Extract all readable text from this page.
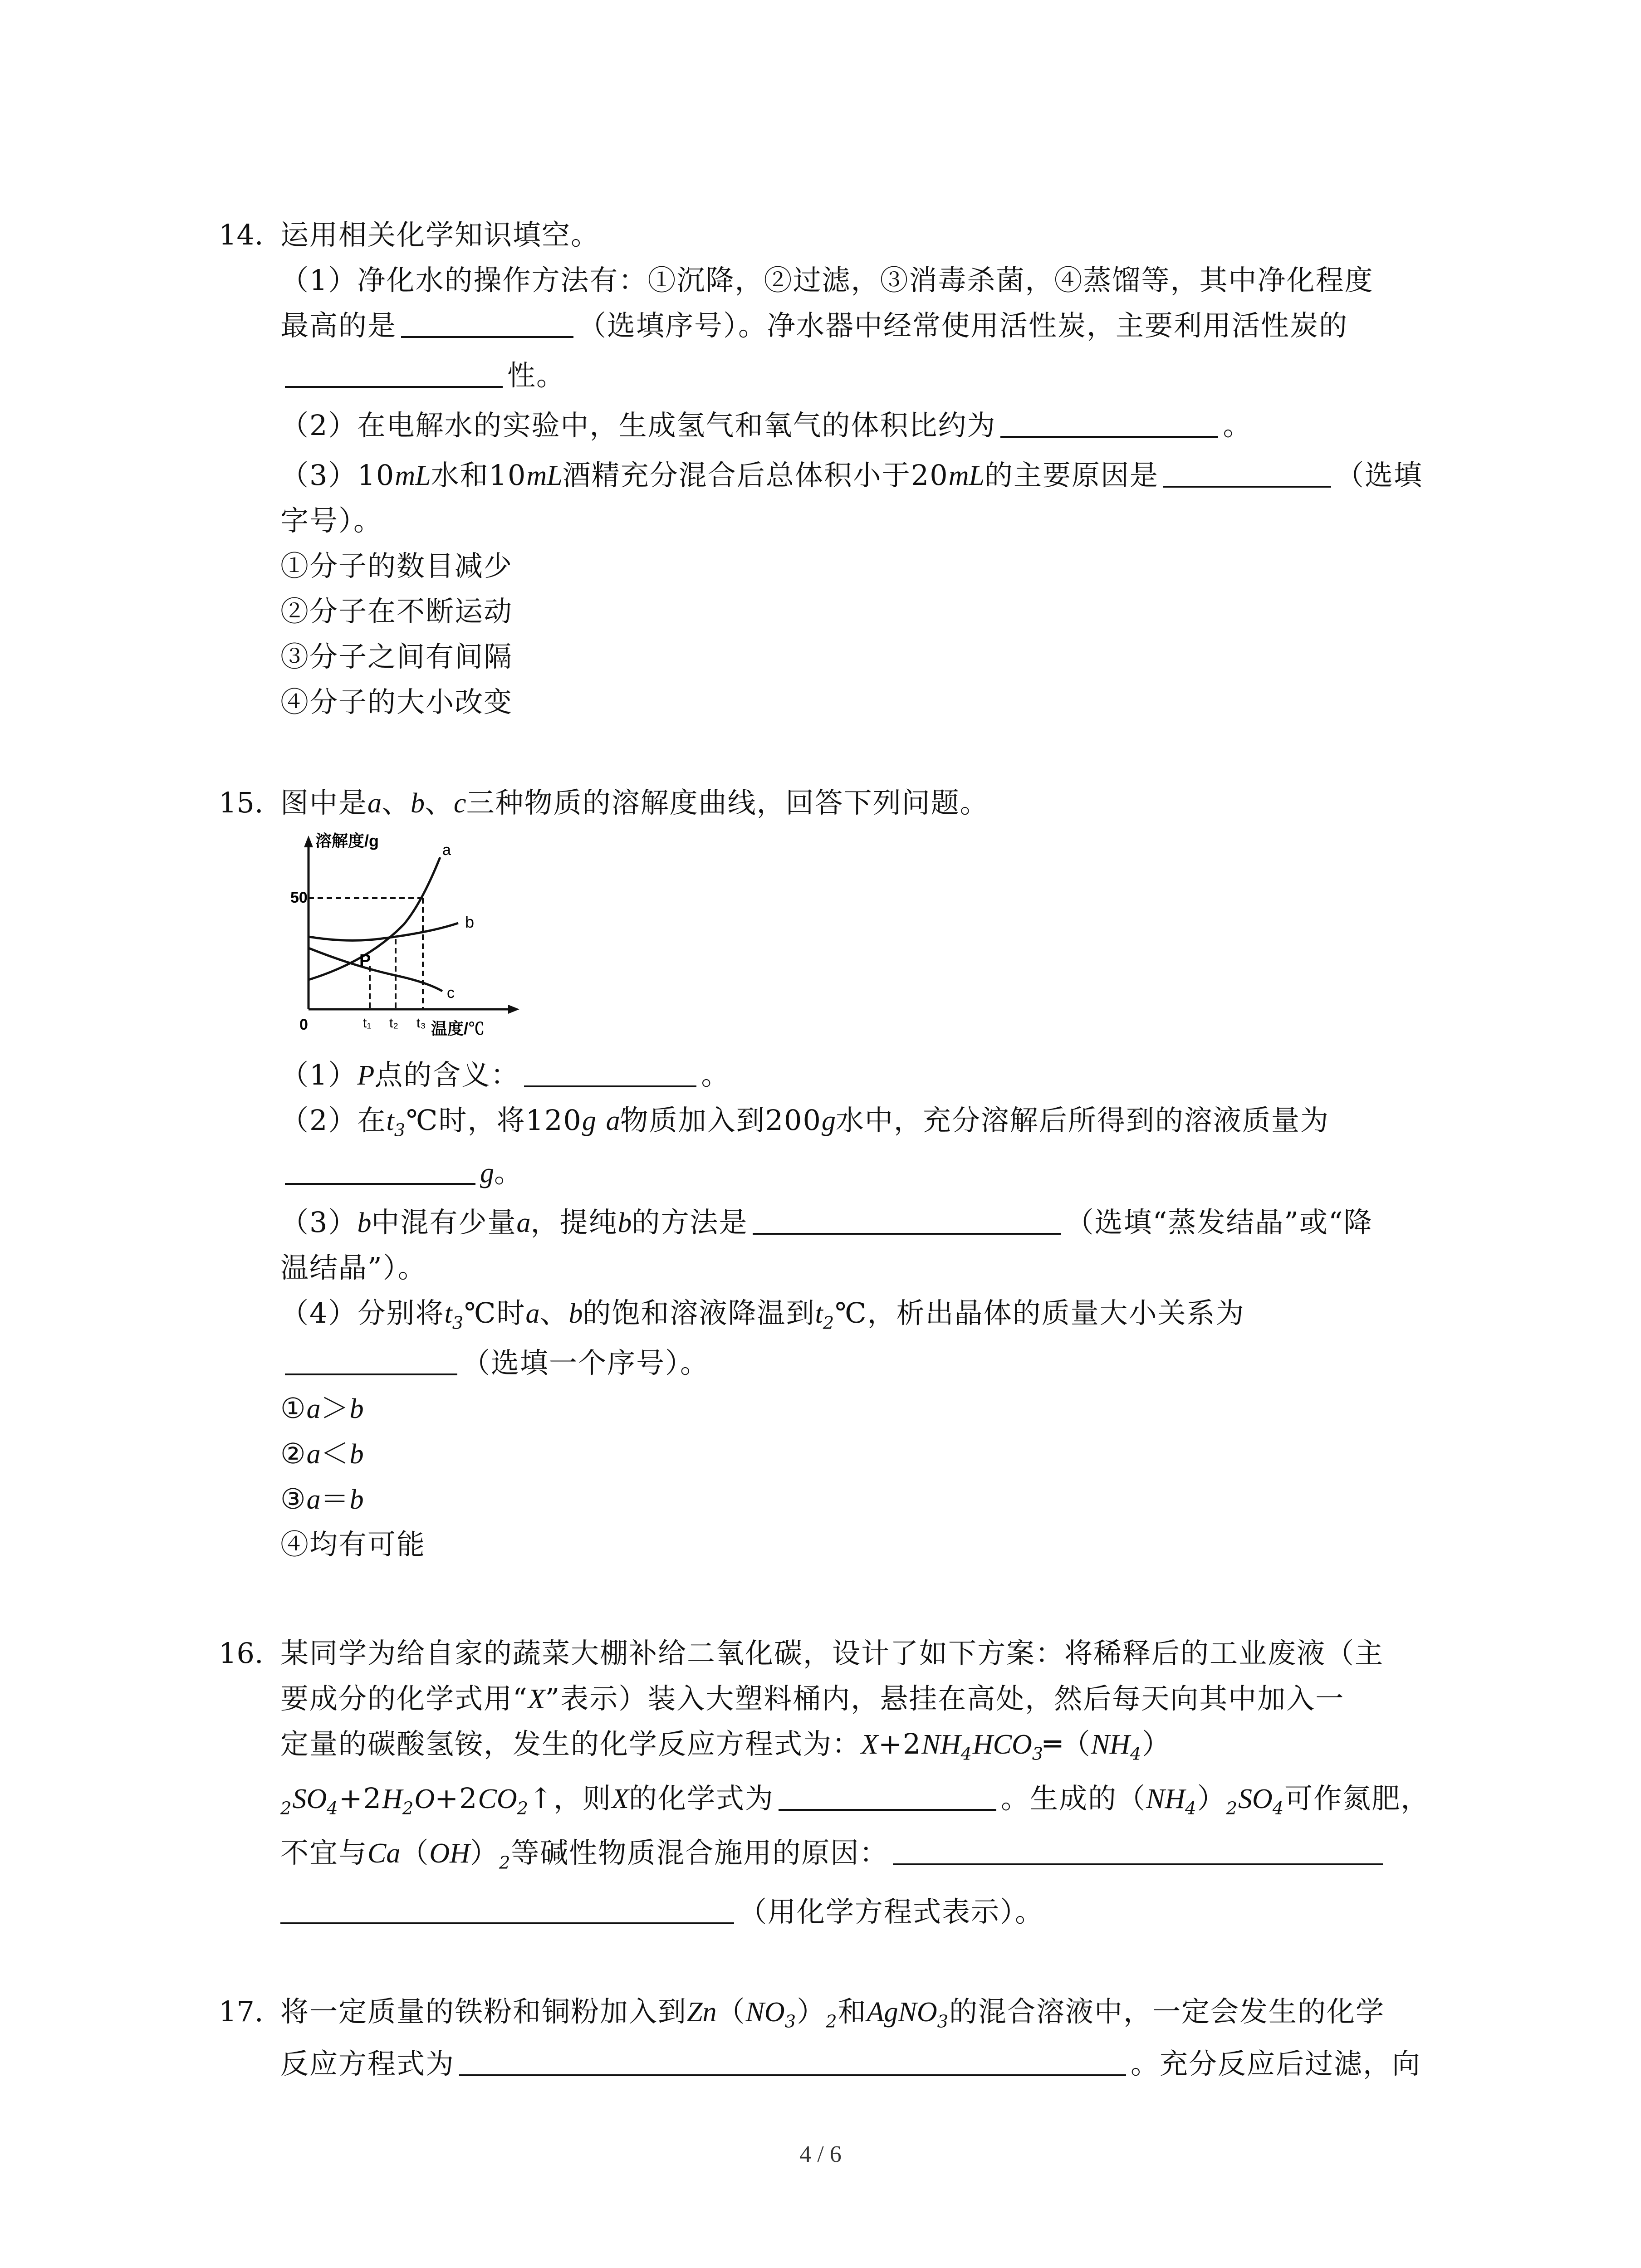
14. 运用相关化学知识填空。
（1）净化水的操作方法有：①沉降，②过滤，③消毒杀菌，④蒸馏等，其中净化程度
最高的是	（选填序号）。净水器中经常使用活性炭，主要利用活性炭的
性。
（2）在电解水的实验中，生成氢气和氧气的体积比约为	。
（3）10mL水和10mL酒精充分混合后总体积小于20mL的主要原因是	（选填
字号）。
①分子的数目减少
②分子在不断运动
③分子之间有间隔
④分子的大小改变
15. 图中是a、b、c三种物质的溶解度曲线，回答下列问题。
溶解度/g
温度/℃
50
0
P
t₁ t₂ t₃
a
b
c
（1）P点的含义：	。
（2）在$t_3℃$时，将120g a物质加入到200g水中，充分溶解后所得到的溶液质量为
g。
（3）b中混有少量a，提纯b的方法是	（选填“蒸发结晶”或“降
温结晶”）。
（4）分别将$t_3℃$时a、b的饱和溶液降温到$t_2℃$，析出晶体的质量大小关系为
（选填一个序号）。
①a＞b
②a＜b
③a＝b
④均有可能
16. 某同学为给自家的蔬菜大棚补给二氧化碳，设计了如下方案：将稀释后的工业废液（主
要成分的化学式用“X”表示）装入大塑料桶内，悬挂在高处，然后每天向其中加入一
定量的碳酸氢铵，发生的化学反应方程式为：$X+2NH_4HCO_3═(NH_4)$
$_2SO_4+2H_2O+2CO_2↑$，则X的化学式为	。生成的$(NH_4)_2SO_4$可作氮肥，
不宜与$Ca(OH)_2$等碱性物质混合施用的原因：
（用化学方程式表示）。
17. 将一定质量的铁粉和铜粉加入到$Zn(NO_3)_2$和AgNO$_3$的混合溶液中，一定会发生的化学
反应方程式为	。充分反应后过滤，向
4 / 6
